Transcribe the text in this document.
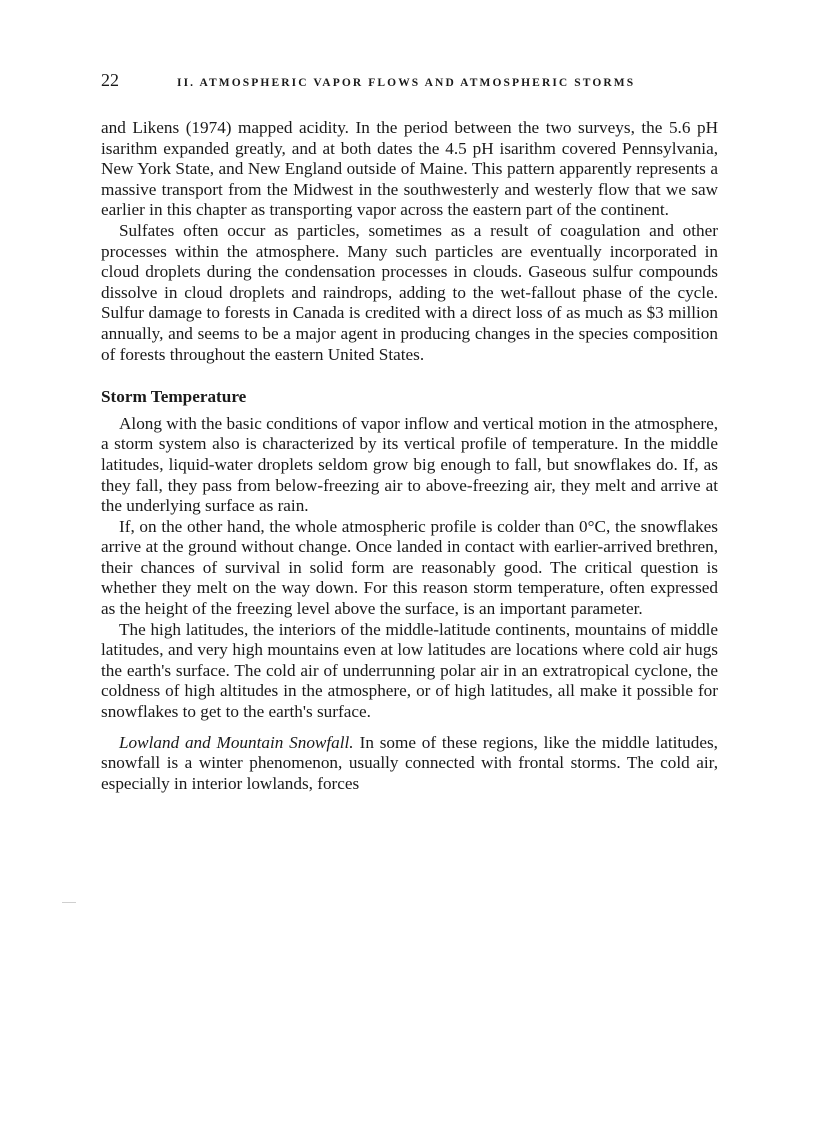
22	II. ATMOSPHERIC VAPOR FLOWS AND ATMOSPHERIC STORMS

and Likens (1974) mapped acidity. In the period between the two surveys, the 5.6 pH isarithm expanded greatly, and at both dates the 4.5 pH isarithm covered Pennsylvania, New York State, and New England outside of Maine. This pattern apparently represents a massive transport from the Midwest in the southwesterly and westerly flow that we saw earlier in this chapter as transporting vapor across the eastern part of the continent.

Sulfates often occur as particles, sometimes as a result of coagulation and other processes within the atmosphere. Many such particles are eventually incorporated in cloud droplets during the condensation processes in clouds. Gaseous sulfur compounds dissolve in cloud droplets and raindrops, adding to the wet-fallout phase of the cycle. Sulfur damage to forests in Canada is credited with a direct loss of as much as $3 million annually, and seems to be a major agent in producing changes in the species composition of forests throughout the eastern United States.

Storm Temperature

Along with the basic conditions of vapor inflow and vertical motion in the atmosphere, a storm system also is characterized by its vertical profile of temperature. In the middle latitudes, liquid-water droplets seldom grow big enough to fall, but snowflakes do. If, as they fall, they pass from below-freezing air to above-freezing air, they melt and arrive at the underlying surface as rain.

If, on the other hand, the whole atmospheric profile is colder than 0°C, the snowflakes arrive at the ground without change. Once landed in contact with earlier-arrived brethren, their chances of survival in solid form are reasonably good. The critical question is whether they melt on the way down. For this reason storm temperature, often expressed as the height of the freezing level above the surface, is an important parameter.

The high latitudes, the interiors of the middle-latitude continents, mountains of middle latitudes, and very high mountains even at low latitudes are locations where cold air hugs the earth's surface. The cold air of underrunning polar air in an extratropical cyclone, the coldness of high altitudes in the atmosphere, or of high latitudes, all make it possible for snowflakes to get to the earth's surface.

Lowland and Mountain Snowfall. In some of these regions, like the middle latitudes, snowfall is a winter phenomenon, usually connected with frontal storms. The cold air, especially in interior lowlands, forces
